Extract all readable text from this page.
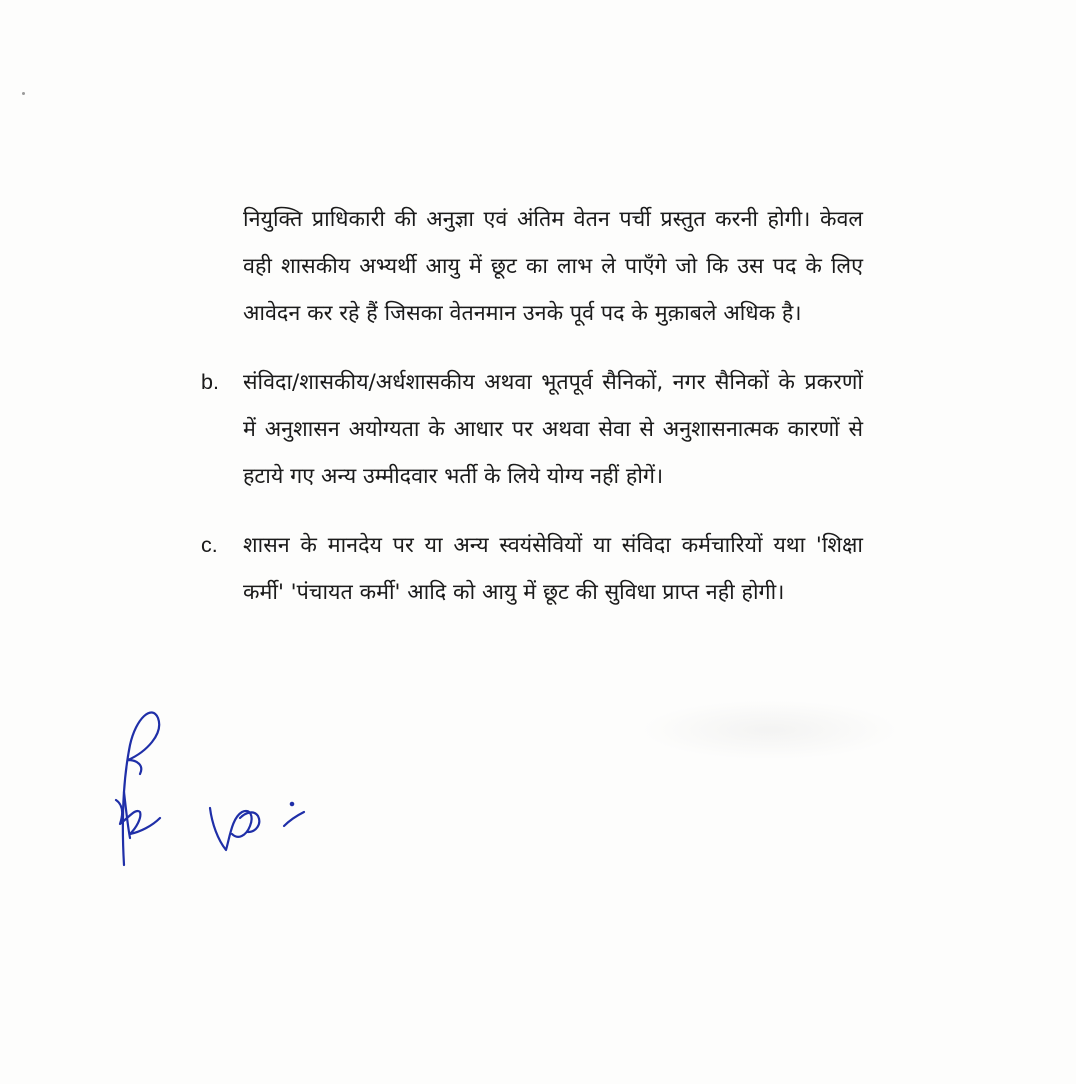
नियुक्ति प्राधिकारी की अनुज्ञा एवं अंतिम वेतन पर्ची प्रस्तुत करनी होगी। केवल वही शासकीय अभ्यर्थी आयु में छूट का लाभ ले पाएँगे जो कि उस पद के लिए आवेदन कर रहे हैं जिसका वेतनमान उनके पूर्व पद के मुक़ाबले अधिक है।

b. संविदा/शासकीय/अर्धशासकीय अथवा भूतपूर्व सैनिकों, नगर सैनिकों के प्रकरणों में अनुशासन अयोग्यता के आधार पर अथवा सेवा से अनुशासनात्मक कारणों से हटाये गए अन्य उम्मीदवार भर्ती के लिये योग्य नहीं होगें।

c. शासन के मानदेय पर या अन्य स्वयंसेवियों या संविदा कर्मचारियों यथा 'शिक्षा कर्मी' 'पंचायत कर्मी' आदि को आयु में छूट की सुविधा प्राप्त नही होगी।
